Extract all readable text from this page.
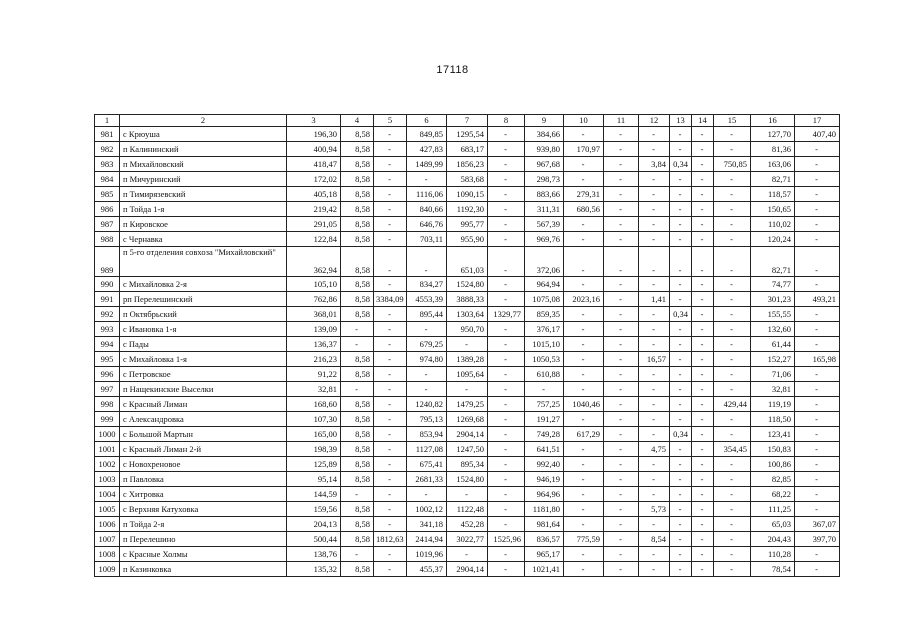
17118
1	2	3	4	5	6	7	8	9	10	11	12	13	14	15	16	17
981	с Крюуша	196,30	8,58	-	849,85	1295,54	-	384,66	-	-	-	-	-	-	127,70	407,40
982	п Калининский	400,94	8,58	-	427,83	683,17	-	939,80	170,97	-	-	-	-	-	81,36	-
983	п Михайловский	418,47	8,58	-	1489,99	1856,23	-	967,68	-	-	3,84	0,34	-	750,85	163,06	-
984	п Мичуринский	172,02	8,58	-	-	583,68	-	298,73	-	-	-	-	-	-	82,71	-
985	п Тимирязевский	405,18	8,58	-	1116,06	1090,15	-	883,66	279,31	-	-	-	-	-	118,57	-
986	п Тойда 1-я	219,42	8,58	-	840,66	1192,30	-	311,31	680,56	-	-	-	-	-	150,65	-
987	п Кировское	291,05	8,58	-	646,76	995,77	-	567,39	-	-	-	-	-	-	110,02	-
988	с Чернавка	122,84	8,58	-	703,11	955,90	-	969,76	-	-	-	-	-	-	120,24	-
989	п 5-го отделения совхоза "Михайловский"	362,94	8,58	-	-	651,03	-	372,06	-	-	-	-	-	-	82,71	-
990	с Михайловка 2-я	105,10	8,58	-	834,27	1524,80	-	964,94	-	-	-	-	-	-	74,77	-
991	рп Перелешинский	762,86	8,58	3384,09	4553,39	3888,33	-	1075,08	2023,16	-	1,41	-	-	-	301,23	493,21
992	п Октябрьский	368,01	8,58	-	895,44	1303,64	1329,77	859,35	-	-	-	0,34	-	-	155,55	-
993	с Ивановка 1-я	139,09	-	-	-	950,70	-	376,17	-	-	-	-	-	-	132,60	-
994	с Пады	136,37	-	-	679,25	-	-	1015,10	-	-	-	-	-	-	61,44	-
995	с Михайловка 1-я	216,23	8,58	-	974,80	1389,28	-	1050,53	-	-	16,57	-	-	-	152,27	165,98
996	с Петровское	91,22	8,58	-	-	1095,64	-	610,88	-	-	-	-	-	-	71,06	-
997	п Нащекинские Выселки	32,81	-	-	-	-	-	-	-	-	-	-	-	-	32,81	-
998	с Красный Лиман	168,60	8,58	-	1240,82	1479,25	-	757,25	1040,46	-	-	-	-	429,44	119,19	-
999	с Александровка	107,30	8,58	-	795,13	1269,68	-	191,27	-	-	-	-	-	-	118,50	-
1000	с Большой Мартын	165,00	8,58	-	853,94	2904,14	-	749,28	617,29	-	-	0,34	-	-	123,41	-
1001	с Красный Лиман 2-й	198,39	8,58	-	1127,08	1247,50	-	641,51	-	-	4,75	-	-	354,45	150,83	-
1002	с Новохреновое	125,89	8,58	-	675,41	895,34	-	992,40	-	-	-	-	-	-	100,86	-
1003	п Павловка	95,14	8,58	-	2681,33	1524,80	-	946,19	-	-	-	-	-	-	82,85	-
1004	с Хитровка	144,59	-	-	-	-	-	964,96	-	-	-	-	-	-	68,22	-
1005	с Верхняя Катуховка	159,56	8,58	-	1002,12	1122,48	-	1181,80	-	-	5,73	-	-	-	111,25	-
1006	п Тойда 2-я	204,13	8,58	-	341,18	452,28	-	981,64	-	-	-	-	-	-	65,03	367,07
1007	п Перелешино	500,44	8,58	1812,63	2414,94	3022,77	1525,96	836,57	775,59	-	8,54	-	-	-	204,43	397,70
1008	с Красные Холмы	138,76	-	-	1019,96	-	-	965,17	-	-	-	-	-	-	110,28	-
1009	п Казинковка	135,32	8,58	-	455,37	2904,14	-	1021,41	-	-	-	-	-	-	78,54	-
